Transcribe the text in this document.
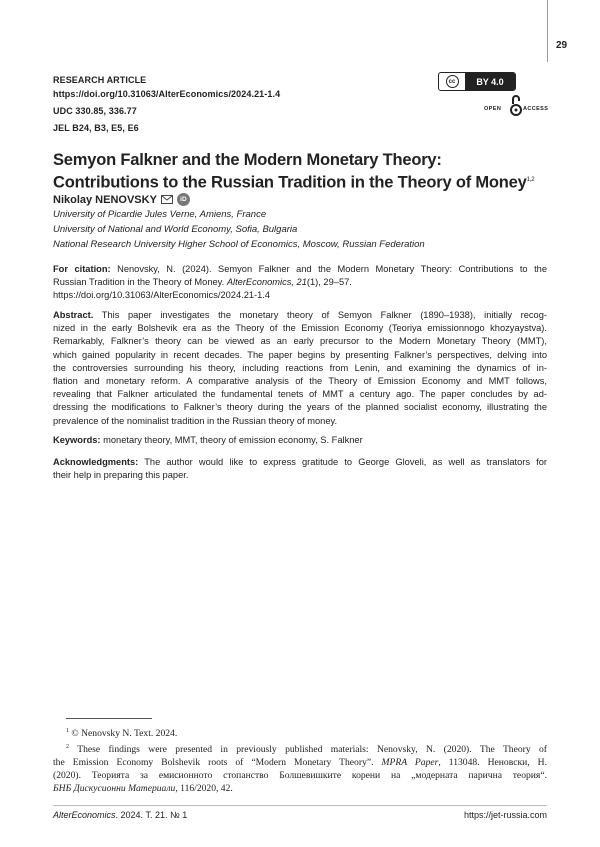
29
RESEARCH ARTICLE
https://doi.org/10.31063/AlterEconomics/2024.21-1.4
UDC 330.85, 336.77
JEL B24, B3, E5, E6
cc	BY 4.0
OPEN	ACCESS
Semyon Falkner and the Modern Monetary Theory:
Contributions to the Russian Tradition in the Theory of Money$^{1,2}$
Nikolay NENOVSKY	iD
University of Picardie Jules Verne, Amiens, France
University of National and World Economy, Sofia, Bulgaria
National Research University Higher School of Economics, Moscow, Russian Federation
For citation: Nenovsky, N. (2024). Semyon Falkner and the Modern Monetary Theory: Contributions to the
Russian Tradition in the Theory of Money. AlterEconomics, 21(1), 29–57.
https://doi.org/10.31063/AlterEconomics/2024.21-1.4
Abstract. This paper investigates the monetary theory of Semyon Falkner (1890–1938), initially recog-
nized in the early Bolshevik era as the Theory of the Emission Economy (Teoriya emissionnogo khozyaystva).
Remarkably, Falkner’s theory can be viewed as an early precursor to the Modern Monetary Theory (MMT),
which gained popularity in recent decades. The paper begins by presenting Falkner’s perspectives, delving into
the controversies surrounding his theory, including reactions from Lenin, and examining the dynamics of in-
flation and monetary reform. A comparative analysis of the Theory of Emission Economy and MMT follows,
revealing that Falkner articulated the fundamental tenets of MMT a century ago. The paper concludes by ad-
dressing the modifications to Falkner’s theory during the years of the planned socialist economy, illustrating the
prevalence of the nominalist tradition in the Russian theory of money.
Keywords: monetary theory, MMT, theory of emission economy, S. Falkner
Acknowledgments: The author would like to express gratitude to George Gloveli, as well as translators for
their help in preparing this paper.
$^1$ © Nenovsky N. Text. 2024.
$^2$ These findings were presented in previously published materials: Nenovsky, N. (2020). The Theory of
the Emission Economy Bolshevik roots of “Modern Monetary Theory”. MPRA Paper, 113048. Неновски, Н.
(2020). Теорията за емисионното стопанство Болшевишките корени на „модерната парична теория“.
БНБ Дискусионни Материали, 116/2020, 42.
AlterEconomics. 2024. Т. 21. № 1	https://jet-russia.com
